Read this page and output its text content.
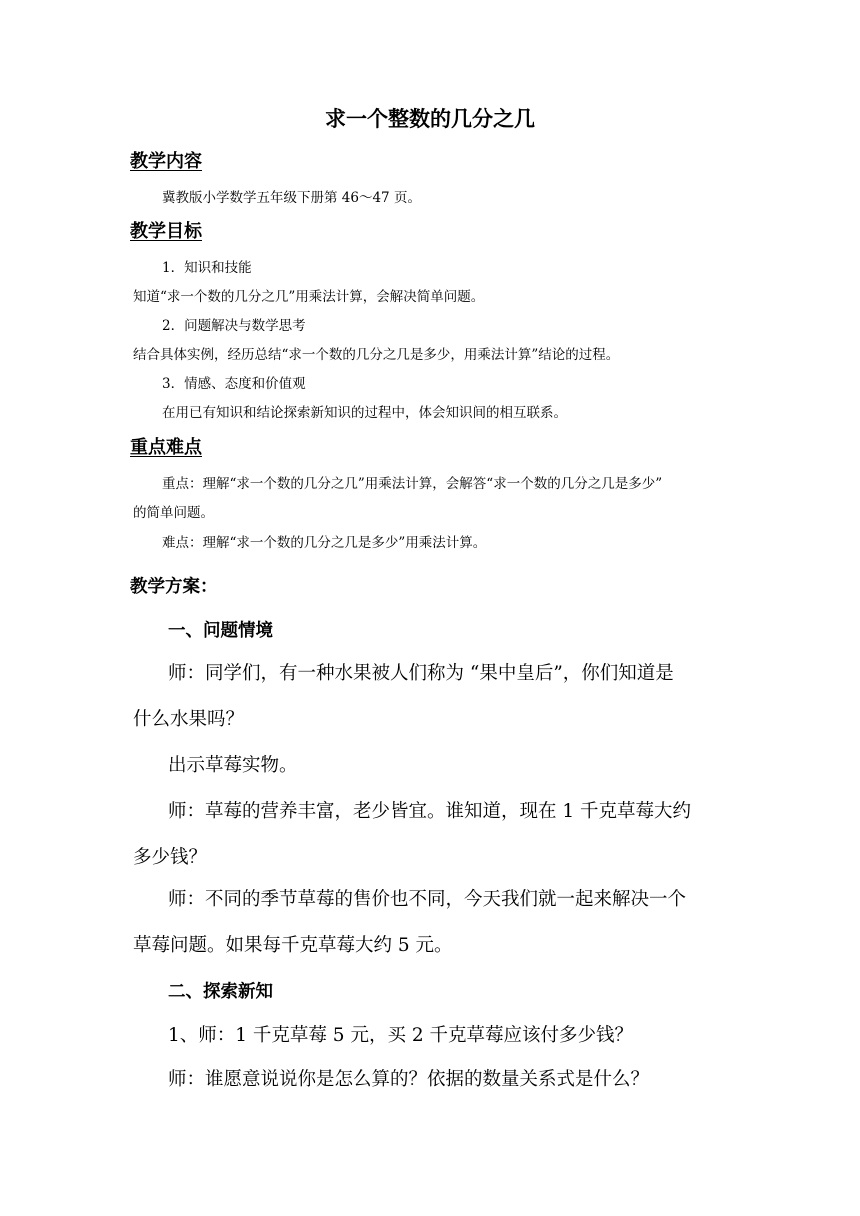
求一个整数的几分之几
教学内容
冀教版小学数学五年级下册第 46～47 页。
教学目标
1．知识和技能
知道“求一个数的几分之几”用乘法计算，会解决简单问题。
2．问题解决与数学思考
结合具体实例，经历总结“求一个数的几分之几是多少，用乘法计算”结论的过程。
3．情感、态度和价值观
在用已有知识和结论探索新知识的过程中，体会知识间的相互联系。
重点难点
重点：理解“求一个数的几分之几”用乘法计算，会解答“求一个数的几分之几是多少”
的简单问题。
难点：理解“求一个数的几分之几是多少”用乘法计算。
教学方案：
一、问题情境
师：同学们，有一种水果被人们称为 “果中皇后”，你们知道是
什么水果吗？
出示草莓实物。
师：草莓的营养丰富，老少皆宜。谁知道，现在 1 千克草莓大约
多少钱？
师：不同的季节草莓的售价也不同，今天我们就一起来解决一个
草莓问题。如果每千克草莓大约 5 元。
二、探索新知
1、师：1 千克草莓 5 元，买 2 千克草莓应该付多少钱？
师：谁愿意说说你是怎么算的？依据的数量关系式是什么？
